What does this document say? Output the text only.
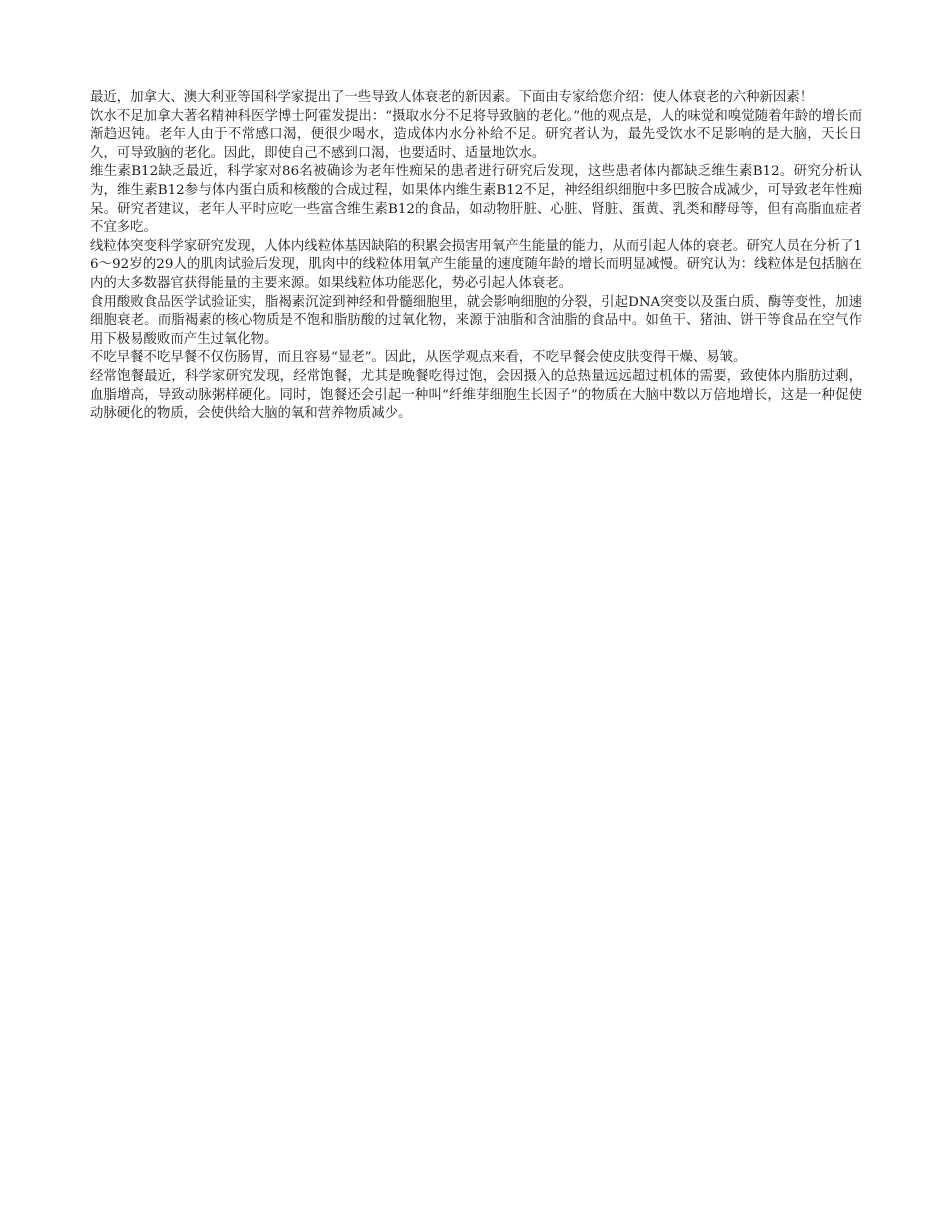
最近，加拿大、澳大利亚等国科学家提出了一些导致人体衰老的新因素。下面由专家给您介绍：使人体衰老的六种新因素！

饮水不足加拿大著名精神科医学博士阿霍发提出：“摄取水分不足将导致脑的老化。”他的观点是，人的味觉和嗅觉随着年龄的增长而渐趋迟钝。老年人由于不常感口渴，便很少喝水，造成体内水分补给不足。研究者认为，最先受饮水不足影响的是大脑，天长日久，可导致脑的老化。因此，即使自己不感到口渴，也要适时、适量地饮水。

维生素B12缺乏最近，科学家对86名被确诊为老年性痴呆的患者进行研究后发现，这些患者体内都缺乏维生素B12。研究分析认为，维生素B12参与体内蛋白质和核酸的合成过程，如果体内维生素B12不足，神经组织细胞中多巴胺合成减少，可导致老年性痴呆。研究者建议，老年人平时应吃一些富含维生素B12的食品，如动物肝脏、心脏、肾脏、蛋黄、乳类和酵母等，但有高脂血症者不宜多吃。

线粒体突变科学家研究发现，人体内线粒体基因缺陷的积累会损害用氧产生能量的能力，从而引起人体的衰老。研究人员在分析了16～92岁的29人的肌肉试验后发现，肌肉中的线粒体用氧产生能量的速度随年龄的增长而明显减慢。研究认为：线粒体是包括脑在内的大多数器官获得能量的主要来源。如果线粒体功能恶化，势必引起人体衰老。

食用酸败食品医学试验证实，脂褐素沉淀到神经和骨髓细胞里，就会影响细胞的分裂，引起DNA突变以及蛋白质、酶等变性，加速细胞衰老。而脂褐素的核心物质是不饱和脂肪酸的过氧化物，来源于油脂和含油脂的食品中。如鱼干、猪油、饼干等食品在空气作用下极易酸败而产生过氧化物。

不吃早餐不吃早餐不仅伤肠胃，而且容易“显老”。因此，从医学观点来看，不吃早餐会使皮肤变得干燥、易皱。

经常饱餐最近，科学家研究发现，经常饱餐，尤其是晚餐吃得过饱，会因摄入的总热量远远超过机体的需要，致使体内脂肪过剩，血脂增高，导致动脉粥样硬化。同时，饱餐还会引起一种叫“纤维芽细胞生长因子”的物质在大脑中数以万倍地增长，这是一种促使动脉硬化的物质，会使供给大脑的氧和营养物质减少。
